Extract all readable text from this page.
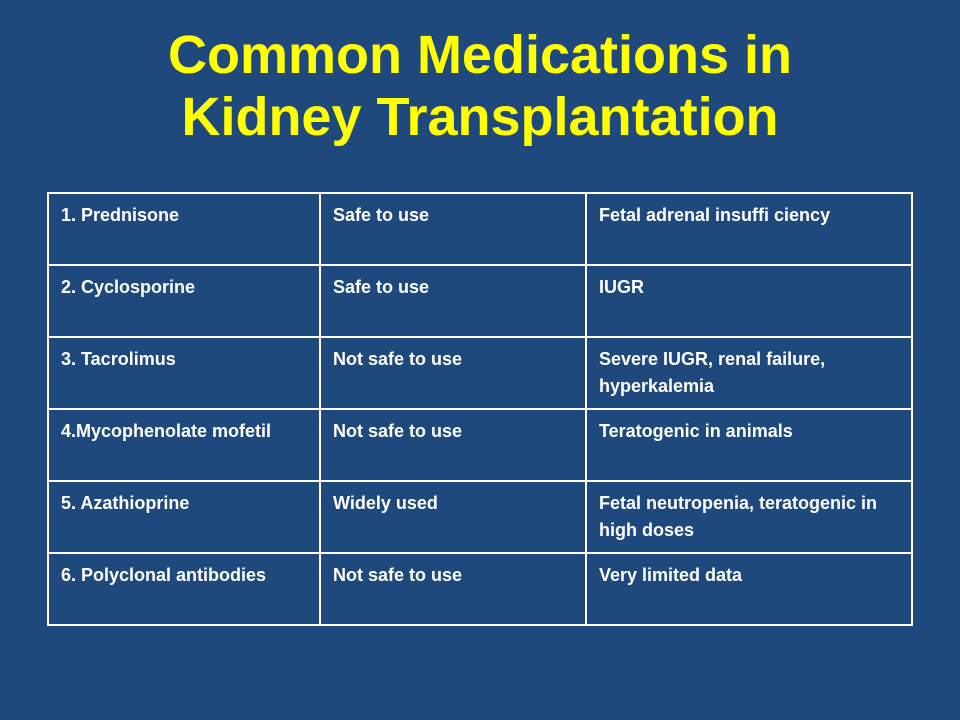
Common Medications in
Kidney Transplantation
1. Prednisone	Safe to use	Fetal adrenal insuffi ciency
2. Cyclosporine	Safe to use	IUGR
3. Tacrolimus	Not safe to use	Severe IUGR, renal failure, hyperkalemia
4.Mycophenolate mofetil	Not safe to use	Teratogenic in animals
5. Azathioprine	Widely used	Fetal neutropenia, teratogenic in high doses
6. Polyclonal antibodies	Not safe to use	Very limited data
